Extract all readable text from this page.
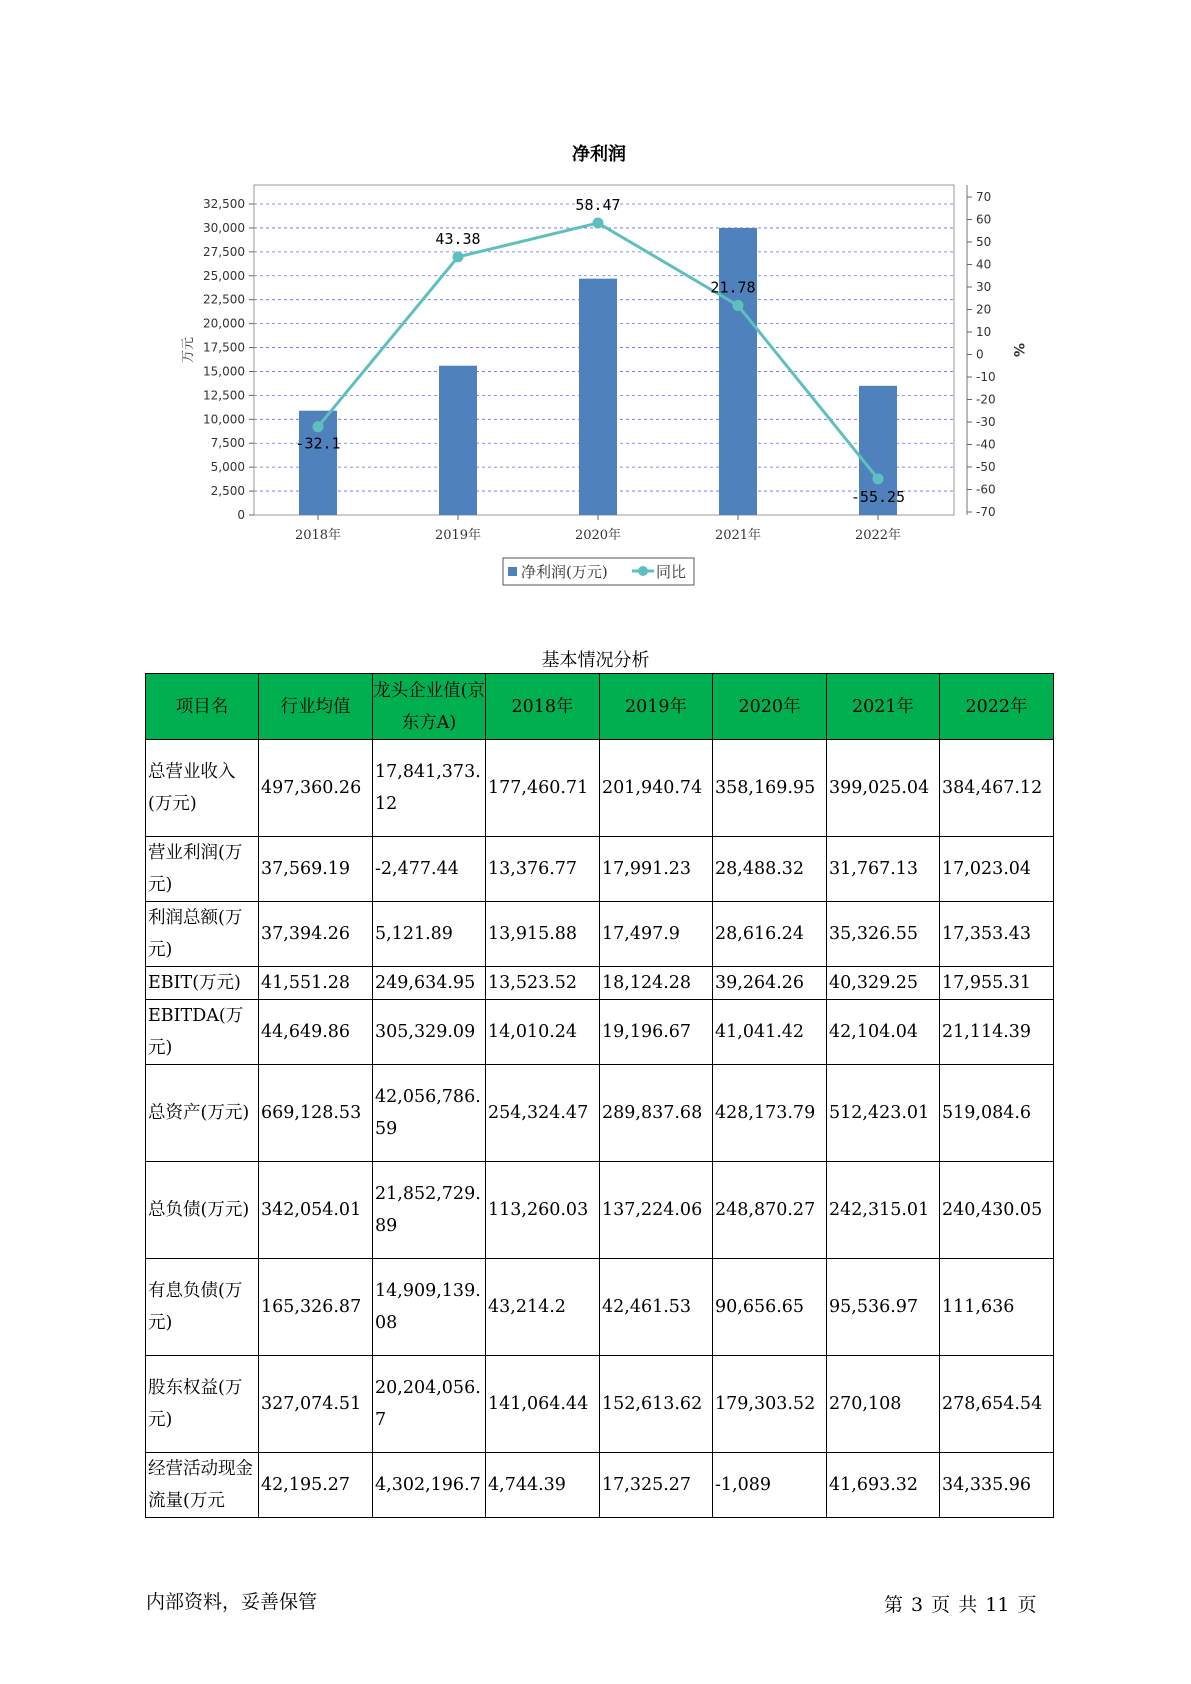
净利润
0
2,500
5,000
7,500
10,000
12,500
15,000
17,500
20,000
22,500
25,000
27,500
30,000
32,500
-70
-60
-50
-40
-30
-20
-10
0
10
20
30
40
50
60
70
万元	%
2018年	2019年	2020年	2021年	2022年
-32.1
43.38
58.47
21.78
-55.25
净利润(万元)	同比
基本情况分析
项目名	行业均值	龙头企业值(京东方A)	2018年	2019年	2020年	2021年	2022年
总营业收入(万元)	497,360.26	17,841,373.12	177,460.71	201,940.74	358,169.95	399,025.04	384,467.12
营业利润(万元)	37,569.19	-2,477.44	13,376.77	17,991.23	28,488.32	31,767.13	17,023.04
利润总额(万元)	37,394.26	5,121.89	13,915.88	17,497.9	28,616.24	35,326.55	17,353.43
EBIT(万元)	41,551.28	249,634.95	13,523.52	18,124.28	39,264.26	40,329.25	17,955.31
EBITDA(万元)	44,649.86	305,329.09	14,010.24	19,196.67	41,041.42	42,104.04	21,114.39
总资产(万元)	669,128.53	42,056,786.59	254,324.47	289,837.68	428,173.79	512,423.01	519,084.6
总负债(万元)	342,054.01	21,852,729.89	113,260.03	137,224.06	248,870.27	242,315.01	240,430.05
有息负债(万元)	165,326.87	14,909,139.08	43,214.2	42,461.53	90,656.65	95,536.97	111,636
股东权益(万元)	327,074.51	20,204,056.7	141,064.44	152,613.62	179,303.52	270,108	278,654.54
经营活动现金流量(万元	42,195.27	4,302,196.7	4,744.39	17,325.27	-1,089	41,693.32	34,335.96
内部资料，妥善保管	第 3 页 共 11 页
